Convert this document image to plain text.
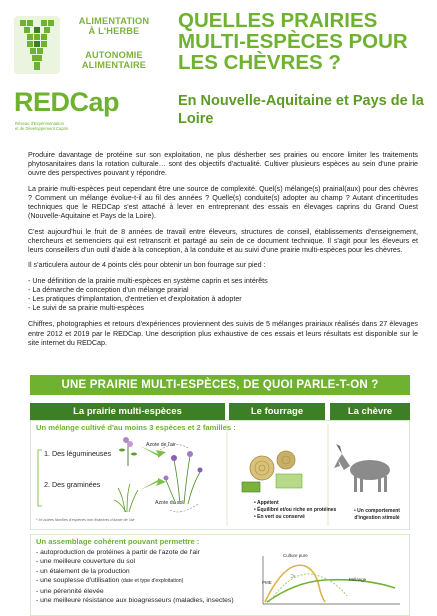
ALIMENTATION
À L'HERBE
AUTONOMIE
ALIMENTAIRE
REDCap
Réseau d'Expérimentation
et de Développement Caprin
QUELLES PRAIRIES MULTI-ESPÈCES POUR LES CHÈVRES ?
En Nouvelle-Aquitaine et Pays de la Loire

Produire davantage de protéine sur son exploitation, ne plus désherber ses prairies ou encore limiter les traitements phytosanitaires dans la rotation culturale… sont des objectifs d'actualité. Cultiver plusieurs espèces au sein d'une prairie ouvre des perspectives pouvant y répondre.

La prairie multi-espèces peut cependant être une source de complexité. Quel(s) mélange(s) prairial(aux) pour des chèvres ? Comment un mélange évolue-t-il au fil des années ? Quelle(s) conduite(s) adopter au champ ? Autant d'incertitudes techniques que le REDCap s'est attaché à lever en entreprenant des essais en élevages caprins du Grand Ouest (Nouvelle-Aquitaine et Pays de la Loire).

C'est aujourd'hui le fruit de 8 années de travail entre éleveurs, structures de conseil, établissements d'enseignement, chercheurs et semenciers qui est retranscrit et partagé au sein de ce document technique. Il s'agit pour les éleveurs et leurs conseillers d'un outil d'aide à la conception, à la conduite et au suivi d'une prairie multi-espèces pour les chèvres.

Il s'articulera autour de 4 points clés pour obtenir un bon fourrage sur pied :

- Une définition de la prairie multi-espèces en système caprin et ses intérêts
- La démarche de conception d'un mélange prairial
- Les pratiques d'implantation, d'entretien et d'exploitation à adopter
- Le suivi de sa prairie multi-espèces

Chiffres, photographies et retours d'expériences proviennent des suivis de 5 mélanges prairiaux réalisés dans 27 élevages entre 2012 et 2019 par le REDCap. Une description plus exhaustive de ces essais et leurs résultats est disponible sur le site internet du REDCap.

UNE PRAIRIE MULTI-ESPÈCES, DE QUOI PARLE-T-ON ?
La prairie multi-espèces	Le fourrage	La chèvre
Un mélange cultivé d'au moins 3 espèces et 2 familles :
1. Des légumineuses
2. Des graminées
Azote de l'air
Azote du sol
* Ici autres familles d'espèces non fixatrices d'azote de l'air
• Appétent
• Équilibré et/ou riche en protéines
• En vert ou conservé
• Un comportement
d'ingestion stimulé
Un assemblage cohérent pouvant permettre :
- autoproduction de protéines à partir de l'azote de l'air
- une meilleure couverture du sol
- un étalement de la production
- une souplesse d'utilisation (date et type d'exploitation)
- une pérennité élevée
- une meilleure résistance aux bioagresseurs (maladies, insectes)
Culture pure
PME
Mélange
